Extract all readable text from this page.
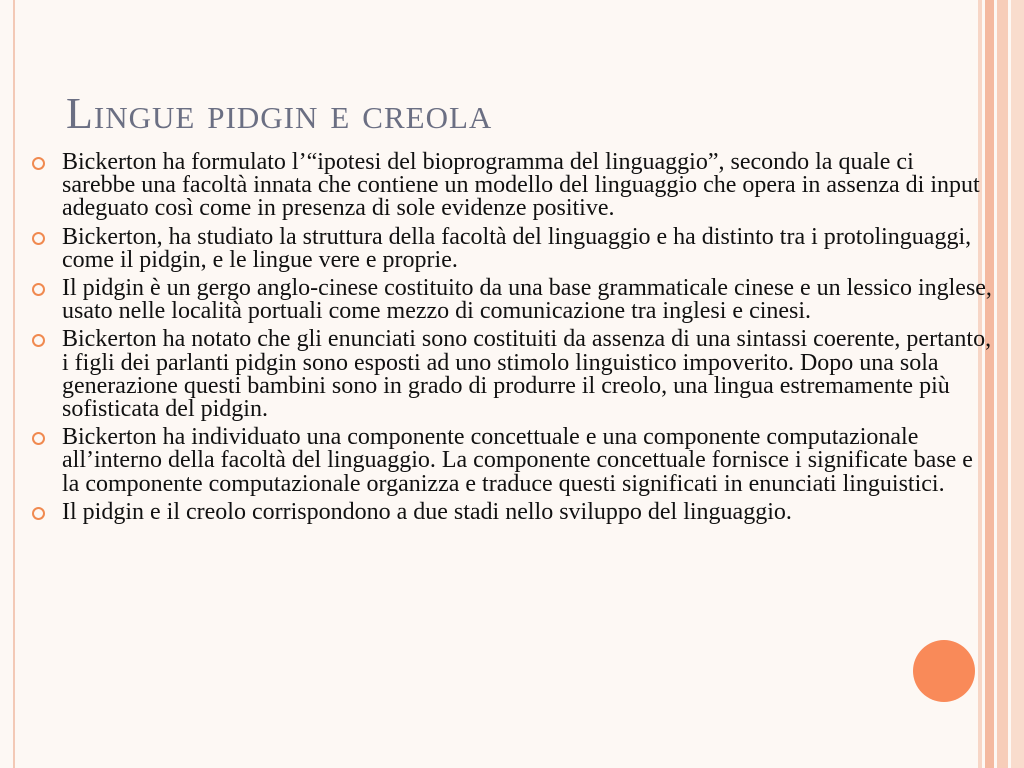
Lingue pidgin e creola
Bickerton ha formulato l’“ipotesi del bioprogramma del linguaggio”, secondo la quale ci sarebbe una facoltà innata che contiene un modello del linguaggio che opera in assenza di input adeguato così come in presenza di sole evidenze positive.
Bickerton, ha studiato la struttura della facoltà del linguaggio e ha distinto tra i protolinguaggi, come il pidgin, e le lingue vere e proprie.
Il pidgin è un gergo anglo-cinese costituito da una base grammaticale cinese e un lessico inglese, usato nelle località portuali come mezzo di comunicazione tra inglesi e cinesi.
Bickerton ha notato che gli enunciati sono costituiti da assenza di una sintassi coerente, pertanto, i figli dei parlanti pidgin sono esposti ad uno stimolo linguistico impoverito. Dopo una sola generazione questi bambini sono in grado di produrre il creolo, una lingua estremamente più sofisticata del pidgin.
Bickerton ha individuato una componente concettuale e una componente computazionale all’interno della facoltà del linguaggio. La componente concettuale fornisce i significate base e la componente computazionale organizza e traduce questi significati in enunciati linguistici.
Il pidgin e il creolo corrispondono a due stadi nello sviluppo del linguaggio.
